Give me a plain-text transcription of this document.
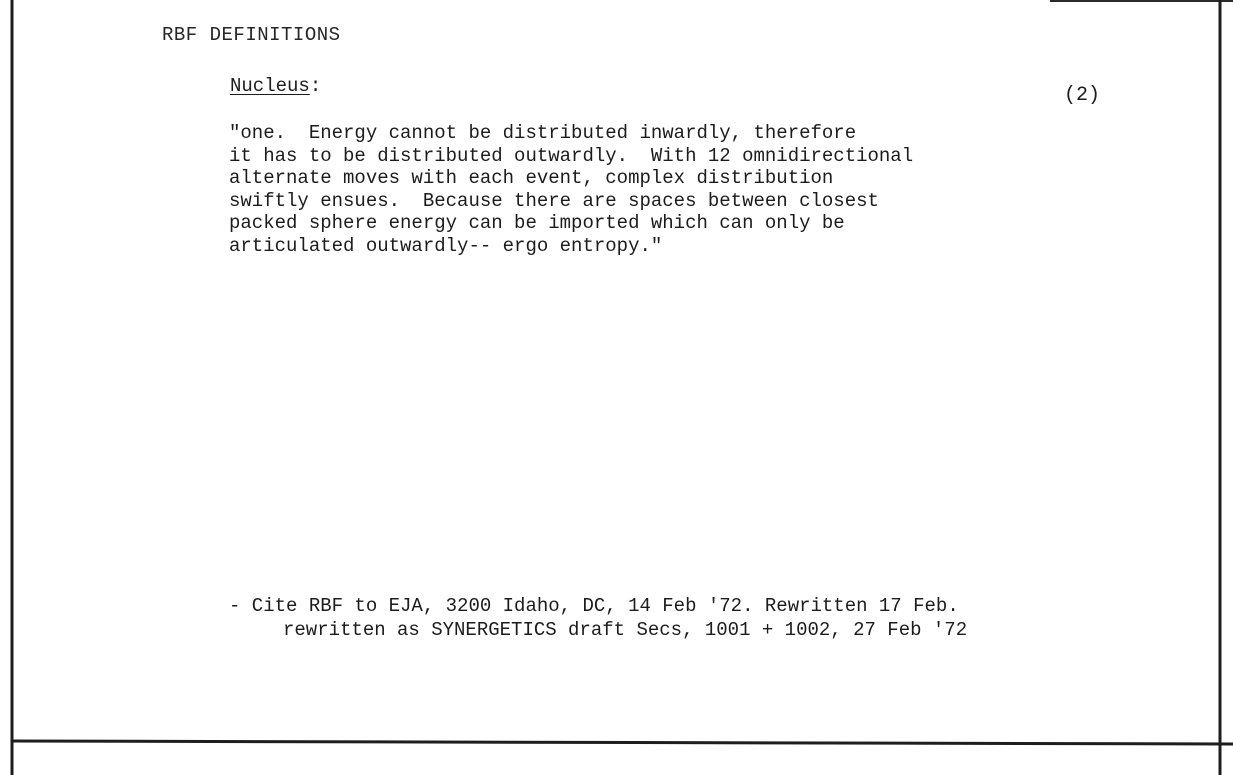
RBF DEFINITIONS
Nucleus:	(2)
"one.  Energy cannot be distributed inwardly, therefore
it has to be distributed outwardly.  With 12 omnidirectional
alternate moves with each event, complex distribution
swiftly ensues.  Because there are spaces between closest
packed sphere energy can be imported which can only be
articulated outwardly-- ergo entropy."
- Cite RBF to EJA, 3200 Idaho, DC, 14 Feb '72. Rewritten 17 Feb.
rewritten as SYNERGETICS draft Secs, 1001 + 1002, 27 Feb '72
